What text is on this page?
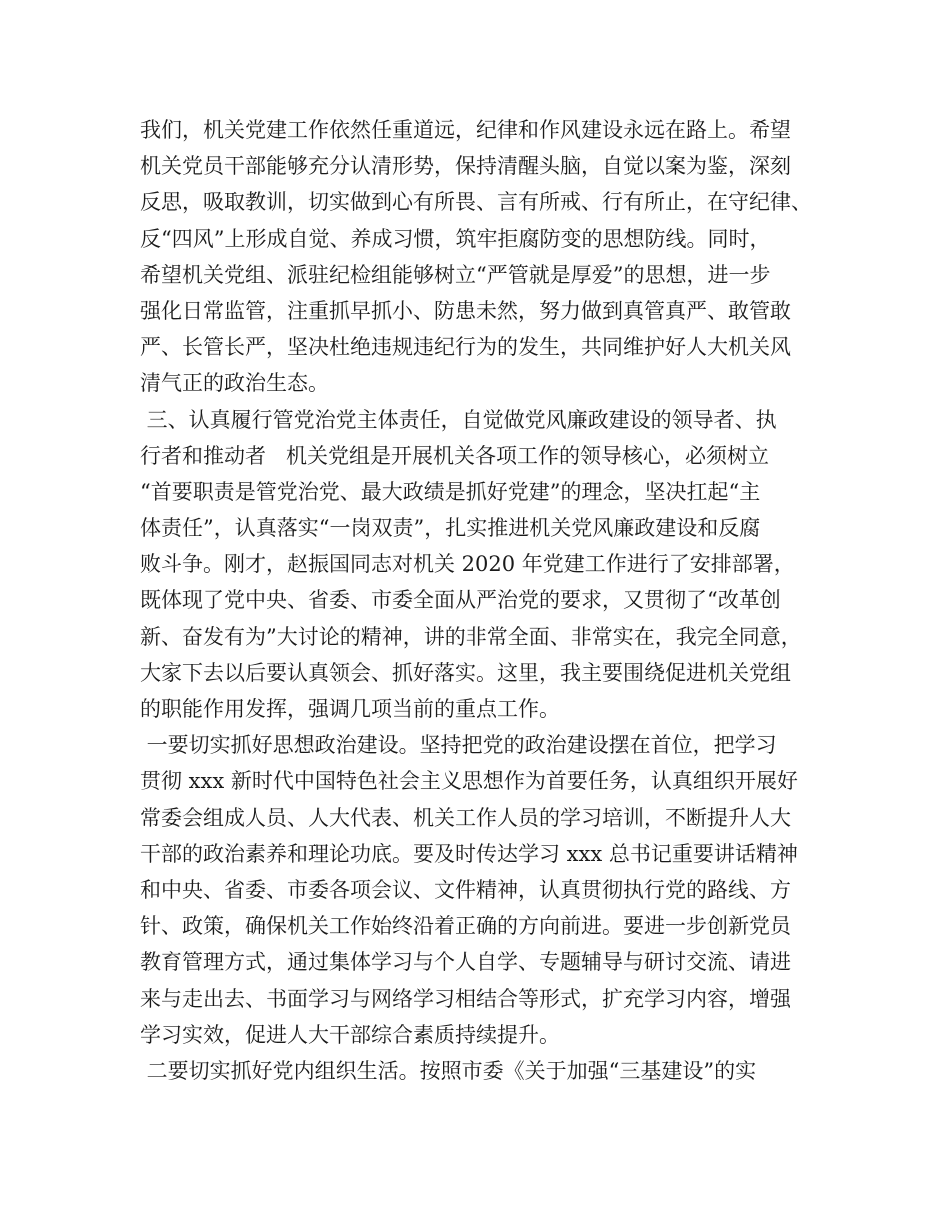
我们，机关党建工作依然任重道远，纪律和作风建设永远在路上。希望
机关党员干部能够充分认清形势，保持清醒头脑，自觉以案为鉴，深刻
反思，吸取教训，切实做到心有所畏、言有所戒、行有所止，在守纪律、
反“四风”上形成自觉、养成习惯，筑牢拒腐防变的思想防线。同时，
希望机关党组、派驻纪检组能够树立“严管就是厚爱”的思想，进一步
强化日常监管，注重抓早抓小、防患未然，努力做到真管真严、敢管敢
严、长管长严，坚决杜绝违规违纪行为的发生，共同维护好人大机关风
清气正的政治生态。
三、认真履行管党治党主体责任，自觉做党风廉政建设的领导者、执
行者和推动者   机关党组是开展机关各项工作的领导核心，必须树立
“首要职责是管党治党、最大政绩是抓好党建”的理念，坚决扛起“主
体责任”，认真落实“一岗双责”，扎实推进机关党风廉政建设和反腐
败斗争。刚才，赵振国同志对机关 2020 年党建工作进行了安排部署，
既体现了党中央、省委、市委全面从严治党的要求，又贯彻了“改革创
新、奋发有为”大讨论的精神，讲的非常全面、非常实在，我完全同意，
大家下去以后要认真领会、抓好落实。这里，我主要围绕促进机关党组
的职能作用发挥，强调几项当前的重点工作。
一要切实抓好思想政治建设。坚持把党的政治建设摆在首位，把学习
贯彻 xxx 新时代中国特色社会主义思想作为首要任务，认真组织开展好
常委会组成人员、人大代表、机关工作人员的学习培训，不断提升人大
干部的政治素养和理论功底。要及时传达学习 xxx 总书记重要讲话精神
和中央、省委、市委各项会议、文件精神，认真贯彻执行党的路线、方
针、政策，确保机关工作始终沿着正确的方向前进。要进一步创新党员
教育管理方式，通过集体学习与个人自学、专题辅导与研讨交流、请进
来与走出去、书面学习与网络学习相结合等形式，扩充学习内容，增强
学习实效，促进人大干部综合素质持续提升。
二要切实抓好党内组织生活。按照市委《关于加强“三基建设”的实
